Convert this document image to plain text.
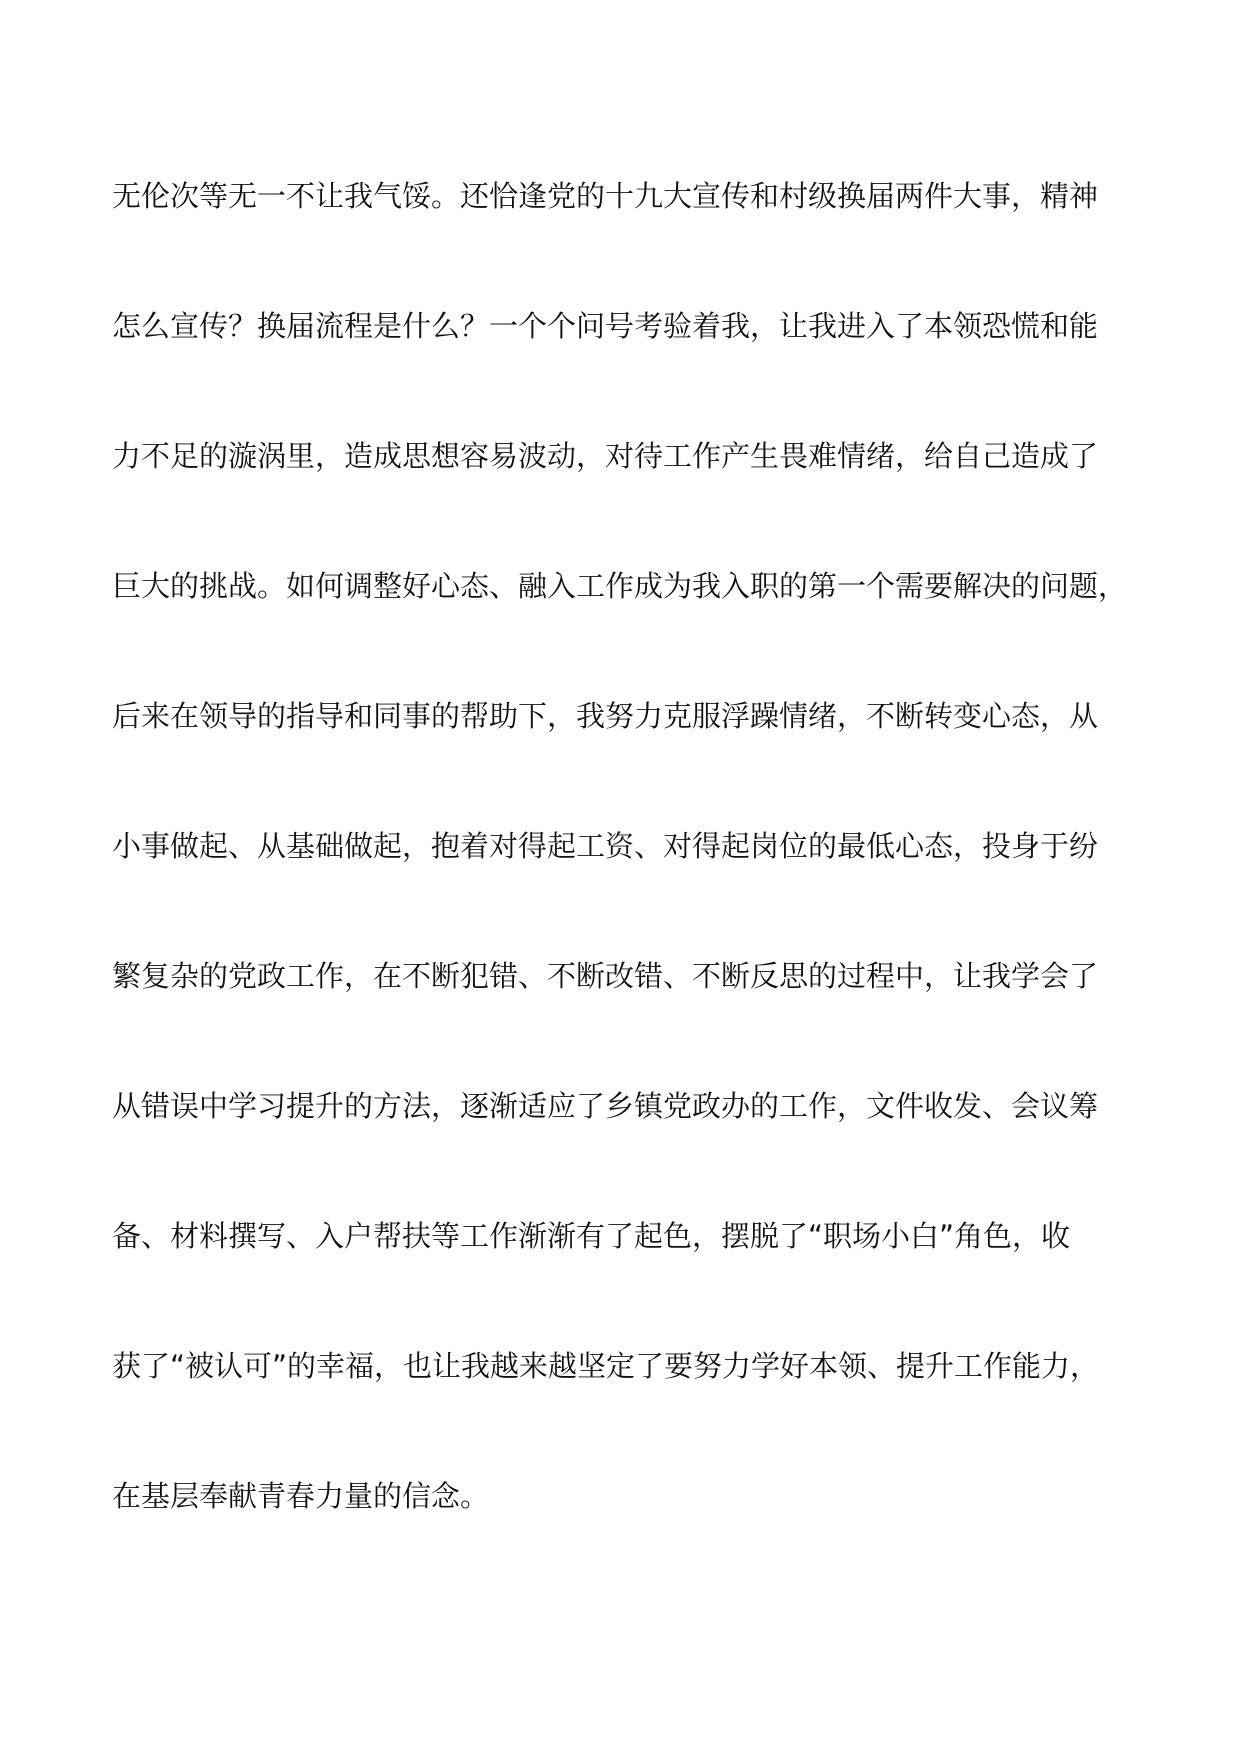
无伦次等无一不让我气馁。还恰逢党的十九大宣传和村级换届两件大事，精神
怎么宣传？换届流程是什么？一个个问号考验着我，让我进入了本领恐慌和能
力不足的漩涡里，造成思想容易波动，对待工作产生畏难情绪，给自己造成了
巨大的挑战。如何调整好心态、融入工作成为我入职的第一个需要解决的问题，
后来在领导的指导和同事的帮助下，我努力克服浮躁情绪，不断转变心态，从
小事做起、从基础做起，抱着对得起工资、对得起岗位的最低心态，投身于纷
繁复杂的党政工作，在不断犯错、不断改错、不断反思的过程中，让我学会了
从错误中学习提升的方法，逐渐适应了乡镇党政办的工作，文件收发、会议筹
备、材料撰写、入户帮扶等工作渐渐有了起色，摆脱了“职场小白”角色，收
获了“被认可”的幸福，也让我越来越坚定了要努力学好本领、提升工作能力，
在基层奉献青春力量的信念。
